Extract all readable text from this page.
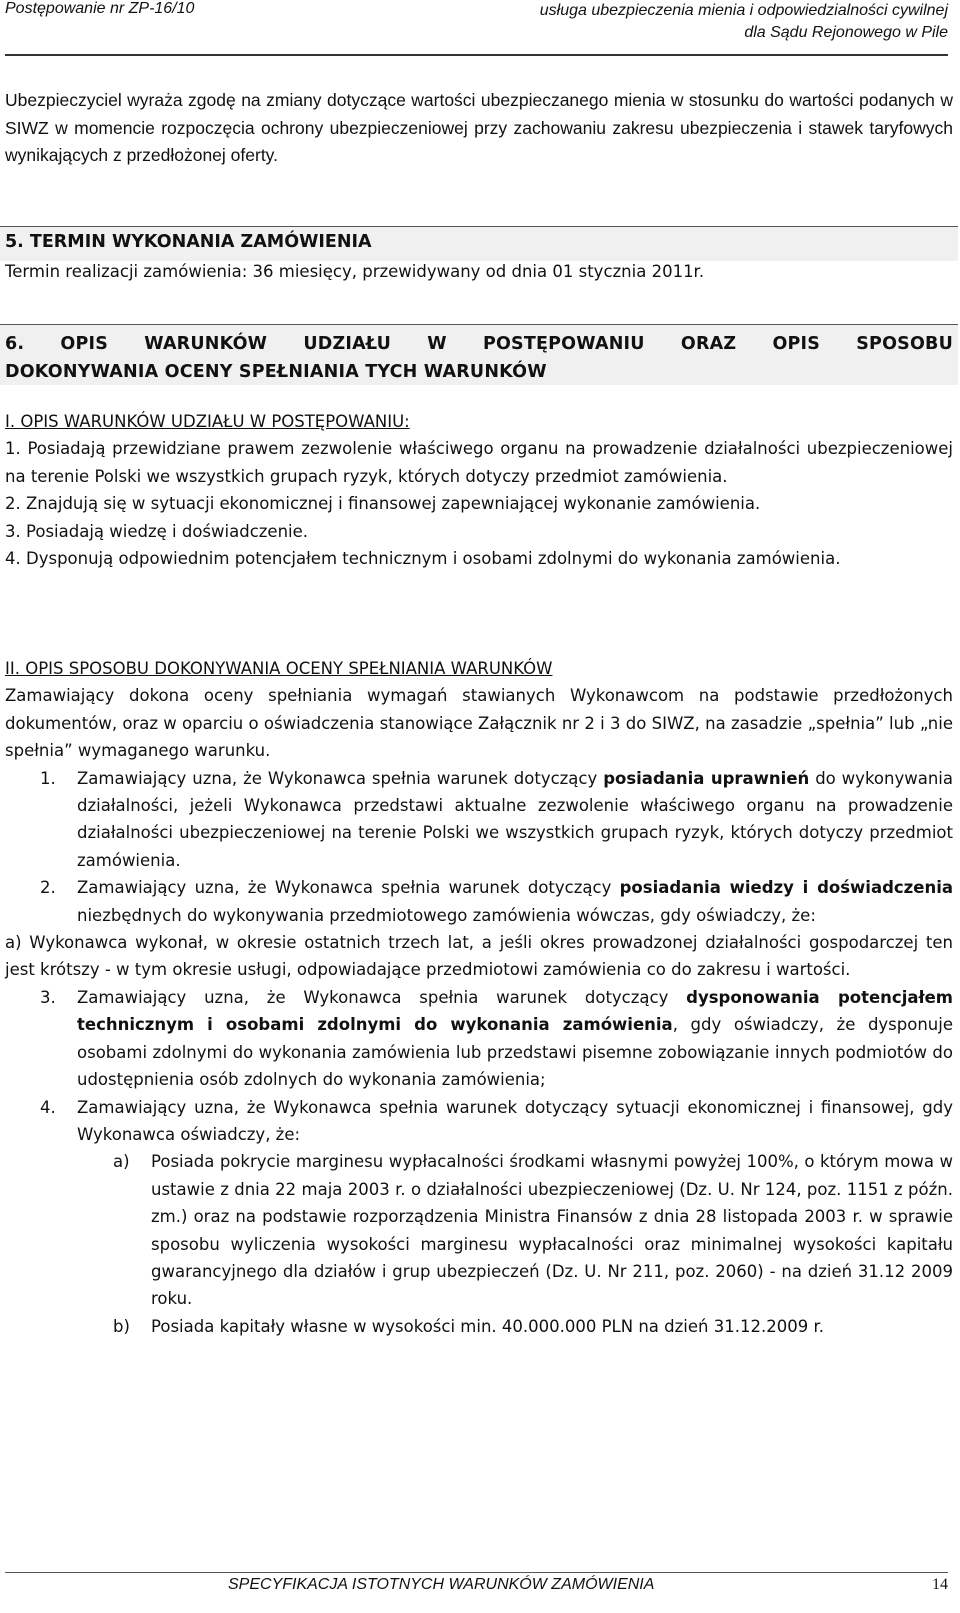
Postępowanie nr ZP-16/10	usługa ubezpieczenia mienia i odpowiedzialności cywilnej
dla Sądu Rejonowego w Pile
Ubezpieczyciel wyraża zgodę na zmiany dotyczące wartości ubezpieczanego mienia w stosunku do wartości podanych w SIWZ w momencie rozpoczęcia ochrony ubezpieczeniowej przy zachowaniu zakresu ubezpieczenia i stawek taryfowych wynikających z przedłożonej oferty.
5. TERMIN WYKONANIA ZAMÓWIENIA
Termin realizacji zamówienia: 36 miesięcy, przewidywany od dnia 01 stycznia 2011r.
6. OPIS WARUNKÓW UDZIAŁU W POSTĘPOWANIU ORAZ OPIS SPOSOBU
DOKONYWANIA OCENY SPEŁNIANIA TYCH WARUNKÓW
I. OPIS WARUNKÓW UDZIAŁU W POSTĘPOWANIU:
1. Posiadają przewidziane prawem zezwolenie właściwego organu na prowadzenie działalności ubezpieczeniowej na terenie Polski we wszystkich grupach ryzyk, których dotyczy przedmiot zamówienia.
2. Znajdują się w sytuacji ekonomicznej i finansowej zapewniającej wykonanie zamówienia.
3. Posiadają wiedzę i doświadczenie.
4. Dysponują odpowiednim potencjałem technicznym i osobami zdolnymi do wykonania zamówienia.
II. OPIS SPOSOBU DOKONYWANIA OCENY SPEŁNIANIA WARUNKÓW
Zamawiający dokona oceny spełniania wymagań stawianych Wykonawcom na podstawie przedłożonych dokumentów, oraz w oparciu o oświadczenia stanowiące Załącznik nr 2 i 3 do SIWZ, na zasadzie „spełnia” lub „nie spełnia” wymaganego warunku.
1.	Zamawiający uzna, że Wykonawca spełnia warunek dotyczący posiadania uprawnień do wykonywania działalności, jeżeli Wykonawca przedstawi aktualne zezwolenie właściwego organu na prowadzenie działalności ubezpieczeniowej na terenie Polski we wszystkich grupach ryzyk, których dotyczy przedmiot zamówienia.
2.	Zamawiający uzna, że Wykonawca spełnia warunek dotyczący posiadania wiedzy i doświadczenia niezbędnych do wykonywania przedmiotowego zamówienia wówczas, gdy oświadczy, że:
a) Wykonawca wykonał, w okresie ostatnich trzech lat, a jeśli okres prowadzonej działalności gospodarczej ten jest krótszy - w tym okresie usługi, odpowiadające przedmiotowi zamówienia co do zakresu i wartości.
3.	Zamawiający uzna, że Wykonawca spełnia warunek dotyczący dysponowania potencjałem technicznym i osobami zdolnymi do wykonania zamówienia, gdy oświadczy, że dysponuje osobami zdolnymi do wykonania zamówienia lub przedstawi pisemne zobowiązanie innych podmiotów do udostępnienia osób zdolnych do wykonania zamówienia;
4.	Zamawiający uzna, że Wykonawca spełnia warunek dotyczący sytuacji ekonomicznej i finansowej, gdy Wykonawca oświadczy, że:
a)	Posiada pokrycie marginesu wypłacalności środkami własnymi powyżej 100%, o którym mowa w ustawie z dnia 22 maja 2003 r. o działalności ubezpieczeniowej (Dz. U. Nr 124, poz. 1151 z późn. zm.) oraz na podstawie rozporządzenia Ministra Finansów z dnia 28 listopada 2003 r. w sprawie sposobu wyliczenia wysokości marginesu wypłacalności oraz minimalnej wysokości kapitału gwarancyjnego dla działów i grup ubezpieczeń (Dz. U. Nr 211, poz. 2060) - na dzień 31.12 2009 roku.
b)	Posiada kapitały własne w wysokości min. 40.000.000 PLN na dzień 31.12.2009 r.
SPECYFIKACJA ISTOTNYCH WARUNKÓW ZAMÓWIENIA	14
